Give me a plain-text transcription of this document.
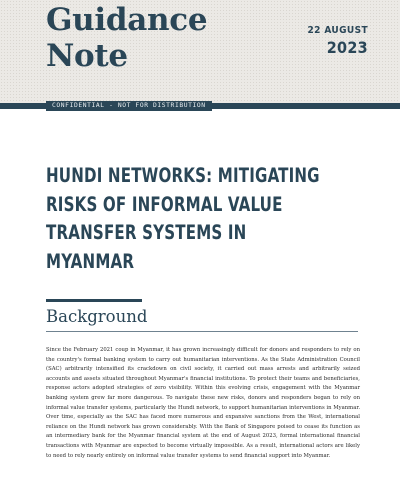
Guidance
Note
22 AUGUST
2023
CONFIDENTIAL - NOT FOR DISTRIBUTION
HUNDI NETWORKS: MITIGATING RISKS OF INFORMAL VALUE TRANSFER SYSTEMS IN MYANMAR
Background

Since the February 2021 coup in Myanmar, it has grown increasingly difficult for donors and responders to rely on the country's formal banking system to carry out humanitarian interventions. As the State Administration Council (SAC) arbitrarily intensified its crackdown on civil society, it carried out mass arrests and arbitrarily seized accounts and assets situated throughout Myanmar's financial institutions. To protect their teams and beneficiaries, response actors adopted strategies of zero visibility. Within this evolving crisis, engagement with the Myanmar banking system grew far more dangerous. To navigate these new risks, donors and responders began to rely on informal value transfer systems, particularly the Hundi network, to support humanitarian interventions in Myanmar. Over time, especially as the SAC has faced more numerous and expansive sanctions from the West, international reliance on the Hundi network has grown considerably. With the Bank of Singapore poised to cease its function as an intermediary bank for the Myanmar financial system at the end of August 2023, formal international financial transactions with Myanmar are expected to become virtually impossible. As a result, international actors are likely to need to rely nearly entirely on informal value transfer systems to send financial support into Myanmar.
